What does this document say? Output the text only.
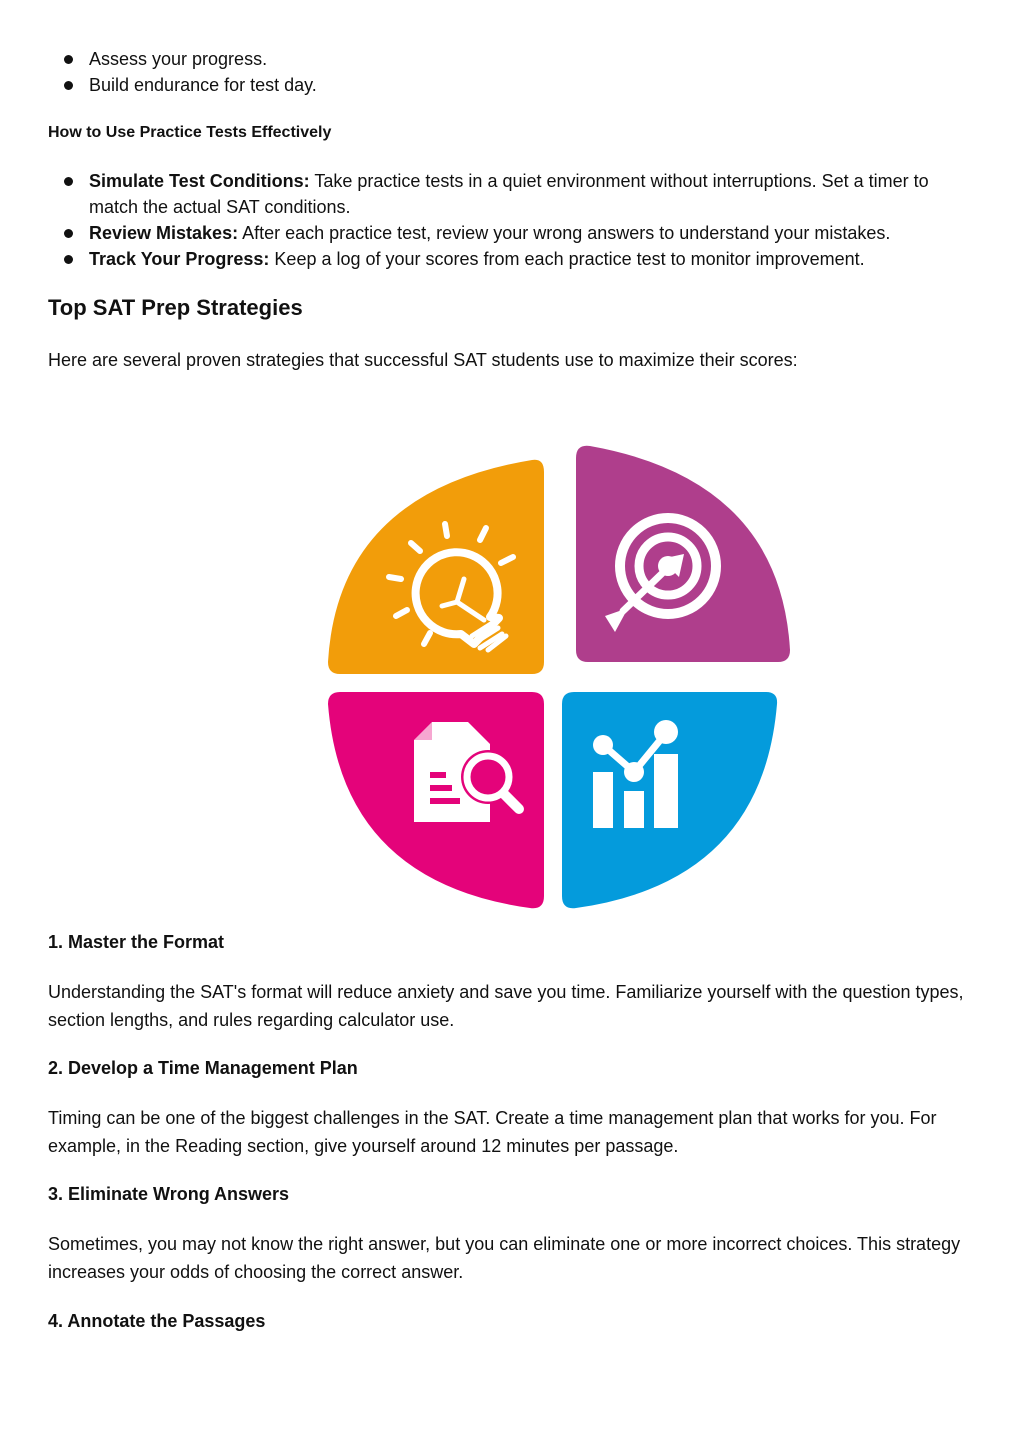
Assess your progress.
Build endurance for test day.
How to Use Practice Tests Effectively
Simulate Test Conditions: Take practice tests in a quiet environment without interruptions. Set a timer to match the actual SAT conditions.
Review Mistakes: After each practice test, review your wrong answers to understand your mistakes.
Track Your Progress: Keep a log of your scores from each practice test to monitor improvement.
Top SAT Prep Strategies

Here are several proven strategies that successful SAT students use to maximize their scores:

1. Master the Format

Understanding the SAT's format will reduce anxiety and save you time. Familiarize yourself with the question types, section lengths, and rules regarding calculator use.

2. Develop a Time Management Plan

Timing can be one of the biggest challenges in the SAT. Create a time management plan that works for you. For example, in the Reading section, give yourself around 12 minutes per passage.

3. Eliminate Wrong Answers

Sometimes, you may not know the right answer, but you can eliminate one or more incorrect choices. This strategy increases your odds of choosing the correct answer.

4. Annotate the Passages
